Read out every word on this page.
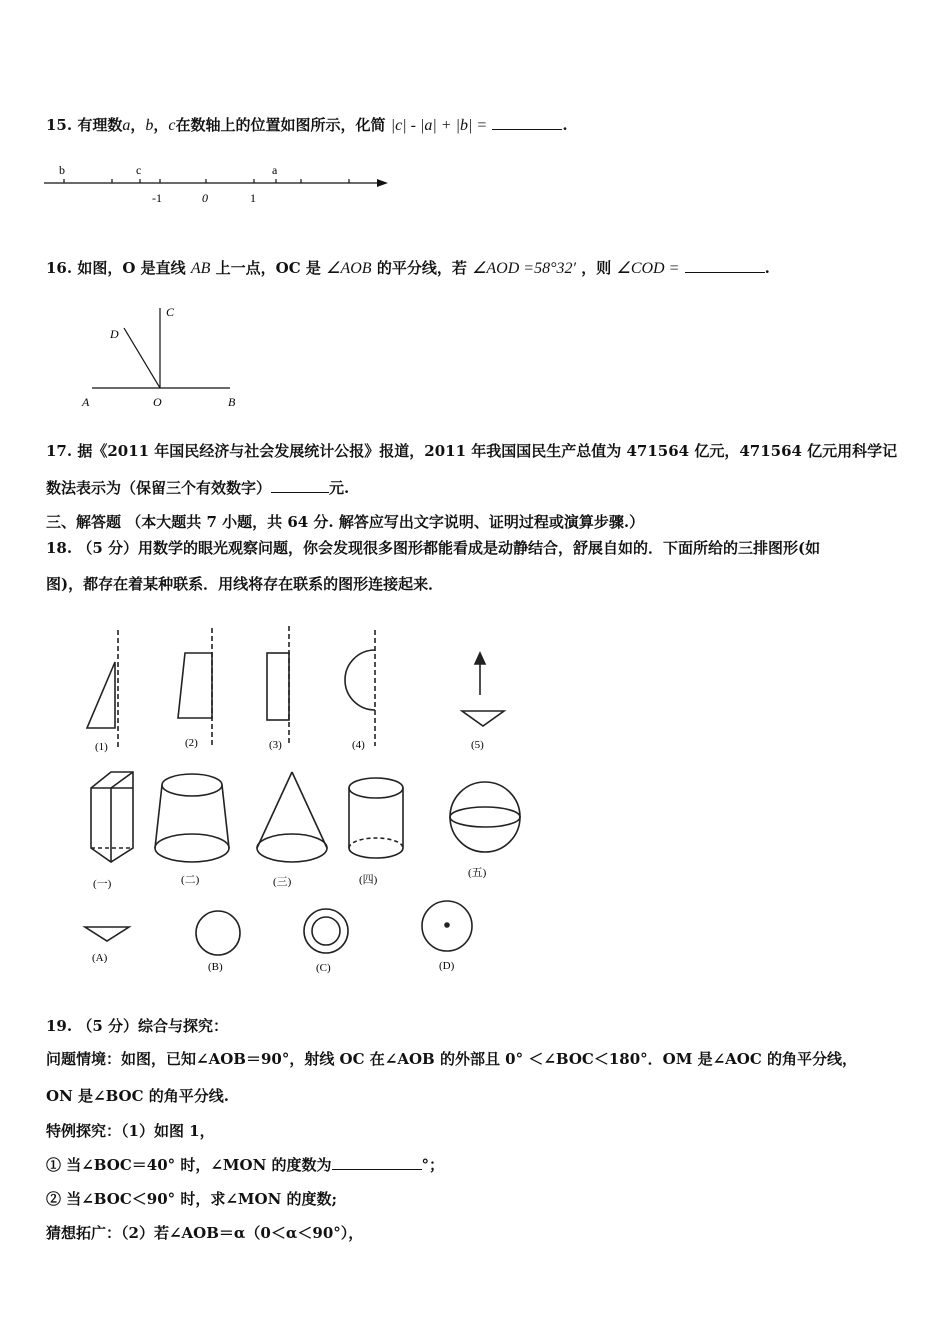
15. 有理数a，b，c在数轴上的位置如图所示，化简 |c| - |a| + |b| =	.
b	c	a
-1	0	1
16. 如图，O 是直线 AB 上一点，OC 是 ∠AOB 的平分线，若 ∠AOD =58°32′ ，则 ∠COD =	.
A	O	B
C
D
17. 据《2011 年国民经济与社会发展统计公报》报道，2011 年我国国民生产总值为 471564 亿元，471564 亿元用科学记
数法表示为（保留三个有效数字）	元.
三、解答题 （本大题共 7 小题，共 64 分. 解答应写出文字说明、证明过程或演算步骤.）
18. （5 分）用数学的眼光观察问题，你会发现很多图形都能看成是动静结合，舒展自如的．下面所给的三排图形(如
图)，都存在着某种联系．用线将存在联系的图形连接起来．
(1)	(2)	(3)	(4)	(5)
(一)	(二)	(三)	(四)
(五)
(A)
(B)	(C)	(D)
19. （5 分）综合与探究：
问题情境：如图，已知∠AOB＝90°，射线 OC 在∠AOB 的外部且 0° ＜∠BOC＜180°．OM 是∠AOC 的角平分线，
ON 是∠BOC 的角平分线.
特例探究：（1）如图 1，
① 当∠BOC＝40° 时，∠MON 的度数为	°；
② 当∠BOC＜90° 时，求∠MON 的度数;
猜想拓广：（2）若∠AOB＝α（0＜α＜90°），
